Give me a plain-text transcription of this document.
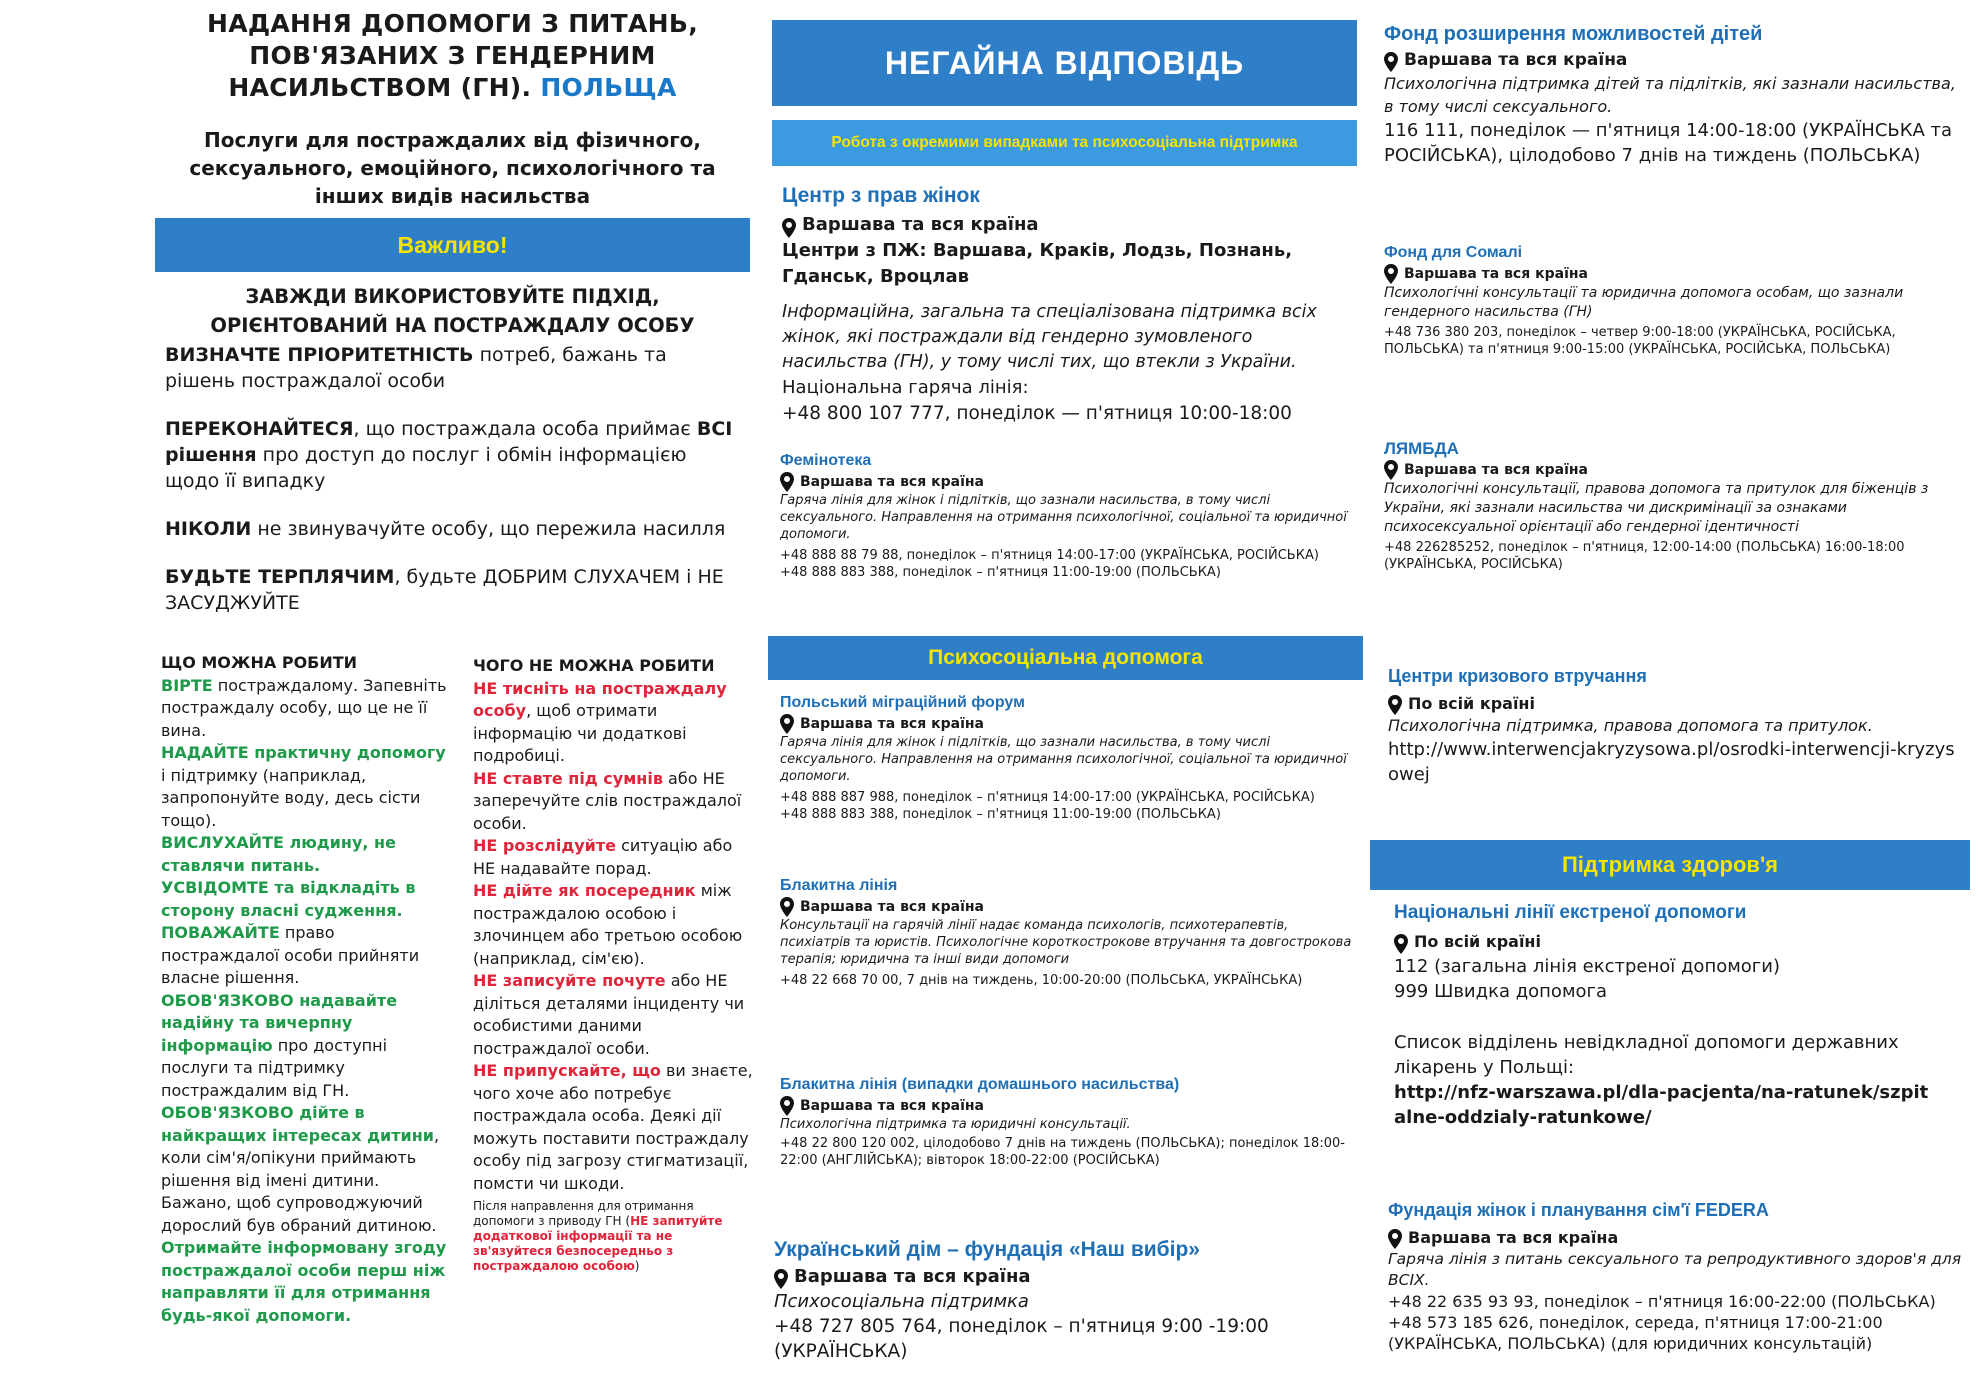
НАДАННЯ ДОПОМОГИ З ПИТАНЬ,
ПОВ'ЯЗАНИХ З ГЕНДЕРНИМ
НАСИЛЬСТВОМ (ГН). ПОЛЬЩА
Послуги для постраждалих від фізичного, сексуального, емоційного, психологічного та інших видів насильства
Важливо!
ЗАВЖДИ ВИКОРИСТОВУЙТЕ ПІДХІД, ОРІЄНТОВАНИЙ НА ПОСТРАЖДАЛУ ОСОБУ
ВИЗНАЧТЕ ПРІОРИТЕТНІСТЬ потреб, бажань та рішень постраждалої особи
ПЕРЕКОНАЙТЕСЯ, що постраждала особа приймає ВСІ рішення про доступ до послуг і обмін інформацією щодо її випадку
НІКОЛИ не звинувачуйте особу, що пережила насилля
БУДЬТЕ ТЕРПЛЯЧИМ, будьте ДОБРИМ СЛУХАЧЕМ і НЕ ЗАСУДЖУЙТЕ
ЩО МОЖНА РОБИТИ
ВІРТЕ постраждалому. Запевніть постраждалу особу, що це не її вина.
НАДАЙТЕ практичну допомогу і підтримку (наприклад, запропонуйте воду, десь сісти тощо).
ВИСЛУХАЙТЕ людину, не ставлячи питань.
УСВІДОМТЕ та відкладіть в сторону власні судження.
ПОВАЖАЙТЕ право постраждалої особи прийняти власне рішення.
ОБОВ'ЯЗКОВО надавайте надійну та вичерпну інформацію про доступні послуги та підтримку постраждалим від ГН.
ОБОВ'ЯЗКОВО дійте в найкращих інтересах дитини, коли сім'я/опікуни приймають рішення від імені дитини. Бажано, щоб супроводжуючий дорослий був обраний дитиною.
Отримайте інформовану згоду постраждалої особи перш ніж направляти її для отримання будь-якої допомоги.
ЧОГО НЕ МОЖНА РОБИТИ
НЕ тисніть на постраждалу особу, щоб отримати інформацію чи додаткові подробиці.
НЕ ставте під сумнів або НЕ заперечуйте слів постраждалої особи.
НЕ розслідуйте ситуацію або НЕ надавайте порад.
НЕ дійте як посередник між постраждалою особою і злочинцем або третьою особою (наприклад, сім'єю).
НЕ записуйте почуте або НЕ діліться деталями інциденту чи особистими даними постраждалої особи.
НЕ припускайте, що ви знаєте, чого хоче або потребує постраждала особа. Деякі дії можуть поставити постраждалу особу під загрозу стигматизації, помсти чи шкоди.
Після направлення для отримання допомоги з приводу ГН (НЕ запитуйте додаткової інформації та не зв'язуйтеся безпосередньо з постраждалою особою)
НЕГАЙНА ВІДПОВІДЬ
Робота з окремими випадками та психосоціальна підтримка
Центр з прав жінок
Варшава та вся країна
Центри з ПЖ: Варшава, Краків, Лодзь, Познань, Гданськ, Вроцлав
Інформаційна, загальна та спеціалізована підтримка всіх жінок, які постраждали від гендерно зумовленого насильства (ГН), у тому числі тих, що втекли з України.
Національна гаряча лінія:
+48 800 107 777, понеділок — п'ятниця 10:00-18:00
Фемінотека
Варшава та вся країна
Гаряча лінія для жінок і підлітків, що зазнали насильства, в тому числі сексуального. Направлення на отримання психологічної, соціальної та юридичної допомоги.
+48 888 88 79 88, понеділок – п'ятниця 14:00-17:00 (УКРАЇНСЬКА, РОСІЙСЬКА)
+48 888 883 388, понеділок – п'ятниця 11:00-19:00 (ПОЛЬСЬКА)
Психосоціальна допомога
Польський міграційний форум
Варшава та вся країна
Гаряча лінія для жінок і підлітків, що зазнали насильства, в тому числі сексуального. Направлення на отримання психологічної, соціальної та юридичної допомоги.
+48 888 887 988, понеділок – п'ятниця 14:00-17:00 (УКРАЇНСЬКА, РОСІЙСЬКА)
+48 888 883 388, понеділок – п'ятниця 11:00-19:00 (ПОЛЬСЬКА)
Блакитна лінія
Варшава та вся країна
Консультації на гарячій лінії надає команда психологів, психотерапевтів, психіатрів та юристів. Психологічне короткострокове втручання та довгострокова терапія; юридична та інші види допомоги
+48 22 668 70 00, 7 днів на тиждень, 10:00-20:00 (ПОЛЬСЬКА, УКРАЇНСЬКА)
Блакитна лінія (випадки домашнього насильства)
Варшава та вся країна
Психологічна підтримка та юридичні консультації.
+48 22 800 120 002, цілодобово 7 днів на тиждень (ПОЛЬСЬКА); понеділок 18:00-22:00 (АНГЛІЙСЬКА); вівторок 18:00-22:00 (РОСІЙСЬКА)
Український дім – фундація «Наш вибір»
Варшава та вся країна
Психосоціальна підтримка
+48 727 805 764, понеділок – п'ятниця 9:00 -19:00 (УКРАЇНСЬКА)
Фонд розширення можливостей дітей
Варшава та вся країна
Психологічна підтримка дітей та підлітків, які зазнали насильства, в тому числі сексуального.
116 111, понеділок — п'ятниця 14:00-18:00 (УКРАЇНСЬКА та РОСІЙСЬКА), цілодобово 7 днів на тиждень (ПОЛЬСЬКА)
Фонд для Сомалі
Варшава та вся країна
Психологічні консультації та юридична допомога особам, що зазнали гендерного насильства (ГН)
+48 736 380 203, понеділок – четвер 9:00-18:00 (УКРАЇНСЬКА, РОСІЙСЬКА, ПОЛЬСЬКА) та п'ятниця 9:00-15:00 (УКРАЇНСЬКА, РОСІЙСЬКА, ПОЛЬСЬКА)
ЛЯМБДА
Варшава та вся країна
Психологічні консультації, правова допомога та притулок для біженців з України, які зазнали насильства чи дискримінації за ознаками психосексуальної орієнтації або гендерної ідентичності
+48 226285252, понеділок – п'ятниця, 12:00-14:00 (ПОЛЬСЬКА) 16:00-18:00 (УКРАЇНСЬКА, РОСІЙСЬКА)
Центри кризового втручання
По всій країні
Психологічна підтримка, правова допомога та притулок.
http://www.interwencjakryzysowa.pl/osrodki-interwencji-kryzysowej
Підтримка здоров'я
Національні лінії екстреної допомоги
По всій країні
112 (загальна лінія екстреної допомоги)
999 Швидка допомога
Список відділень невідкладної допомоги державних лікарень у Польщі:
http://nfz-warszawa.pl/dla-pacjenta/na-ratunek/szpitalne-oddzialy-ratunkowe/
Фундація жінок і планування сім'ї FEDERA
Варшава та вся країна
Гаряча лінія з питань сексуального та репродуктивного здоров'я для ВСІХ.
+48 22 635 93 93, понеділок – п'ятниця 16:00-22:00 (ПОЛЬСЬКА)
+48 573 185 626, понеділок, середа, п'ятниця 17:00-21:00 (УКРАЇНСЬКА, ПОЛЬСЬКА) (для юридичних консультацій)
